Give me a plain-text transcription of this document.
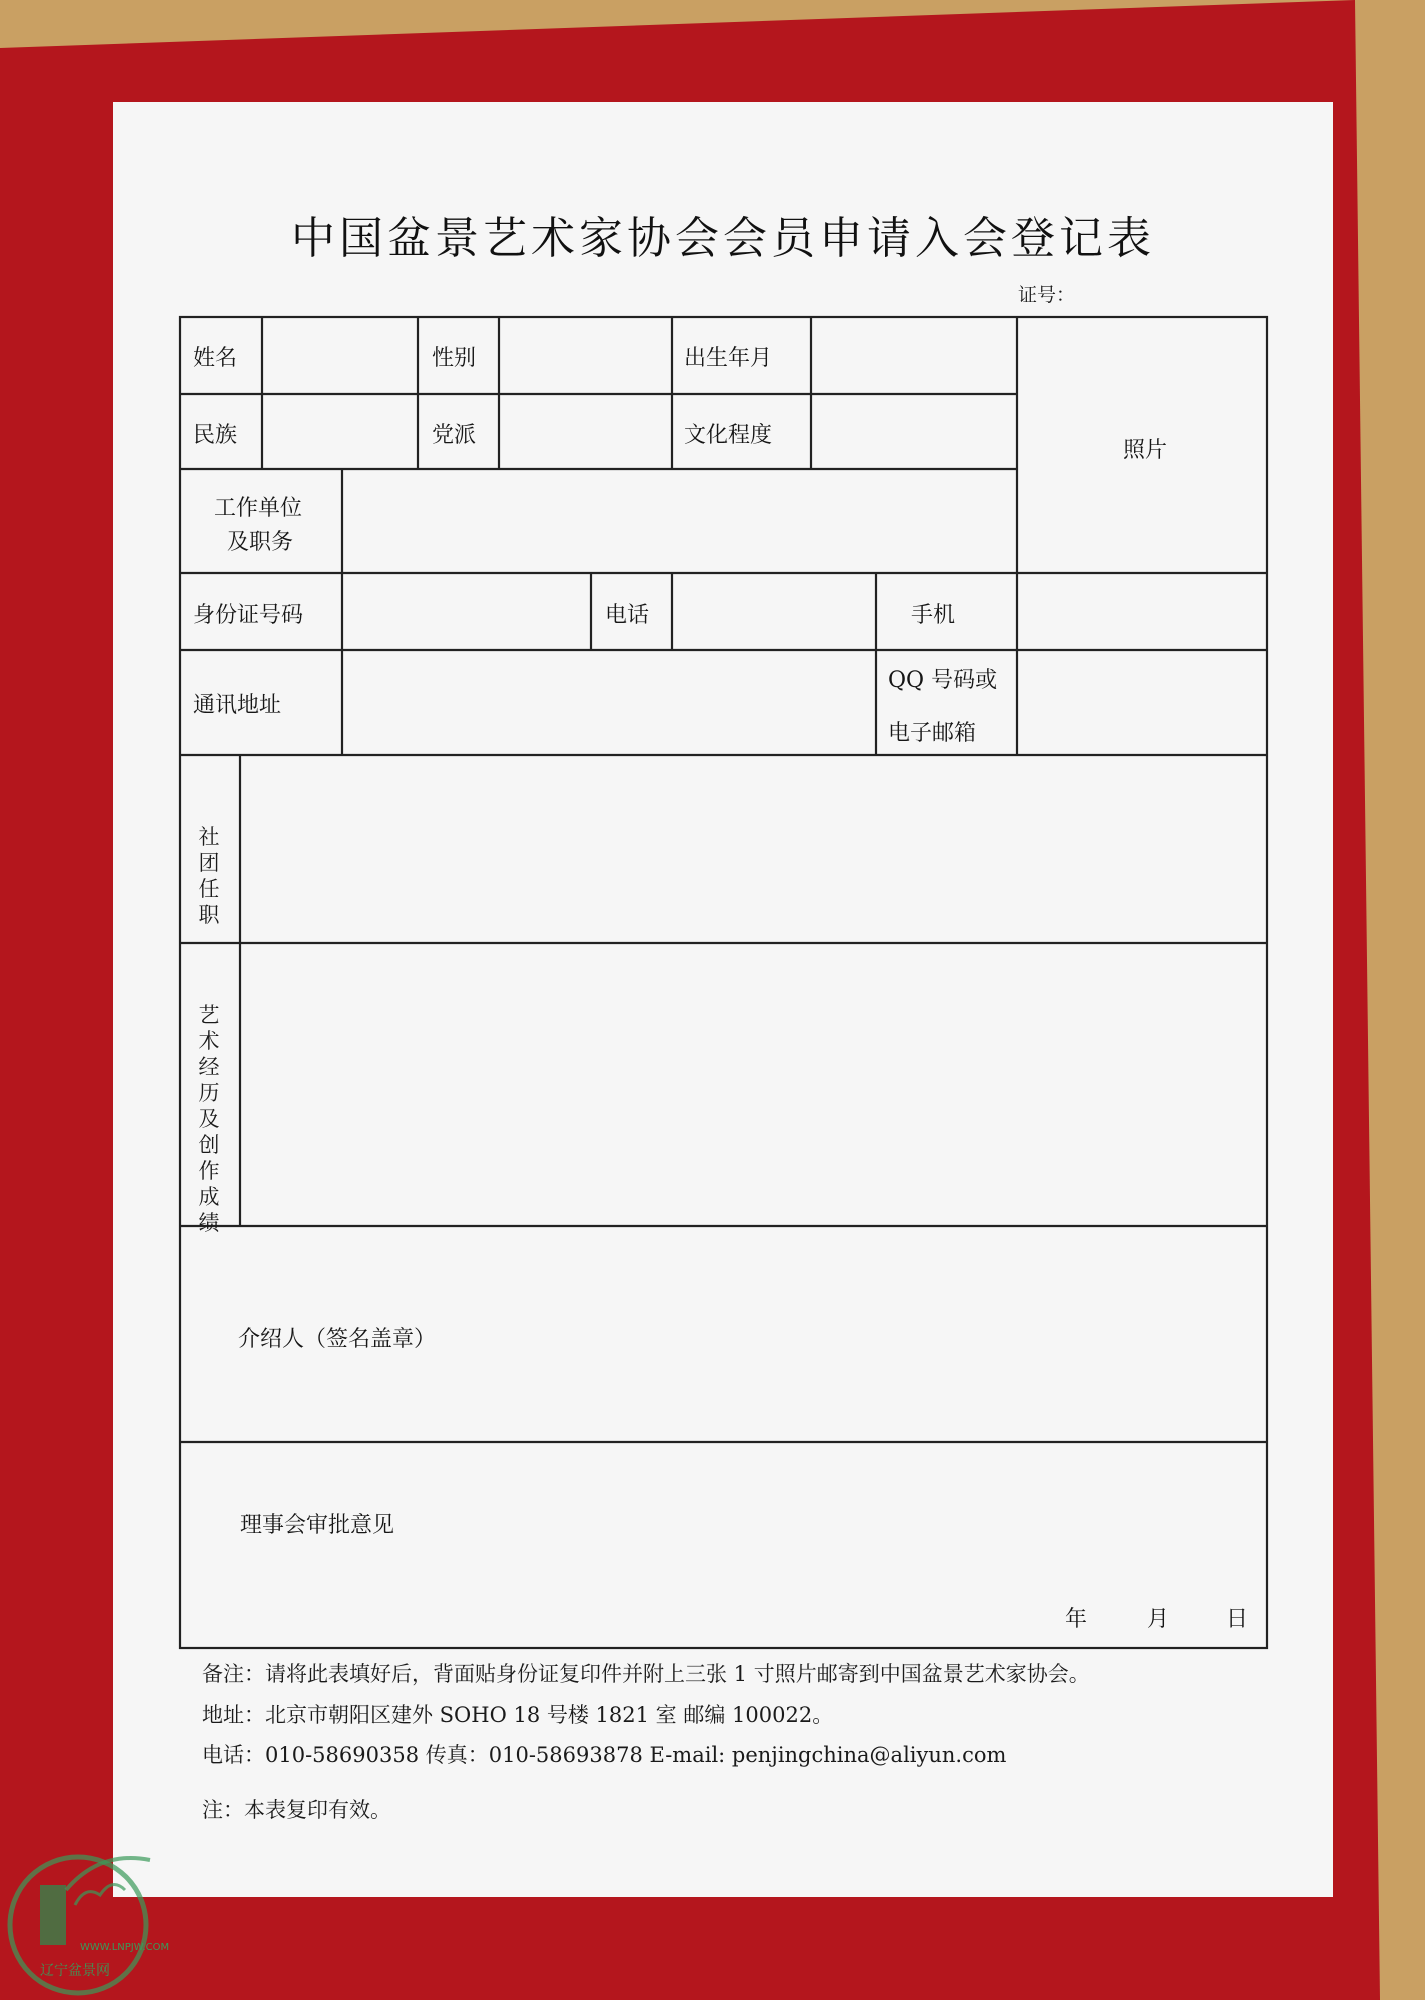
中国盆景艺术家协会会员申请入会登记表
证号：
姓名	性别	出生年月
民族	党派	文化程度
照片
工作单位
及职务
身份证号码	电话	手机
通讯地址
QQ 号码或
电子邮箱
社团任职
艺术经历及创作成绩
介绍人（签名盖章）
理事会审批意见
年	月	日
备注：请将此表填好后，背面贴身份证复印件并附上三张 1 寸照片邮寄到中国盆景艺术家协会。
地址：北京市朝阳区建外 SOHO 18 号楼 1821 室 邮编 100022。
电话：010-58690358 传真：010-58693878 E-mail: penjingchina@aliyun.com
注：本表复印有效。
WWW.LNPJW.COM
辽宁盆景网
